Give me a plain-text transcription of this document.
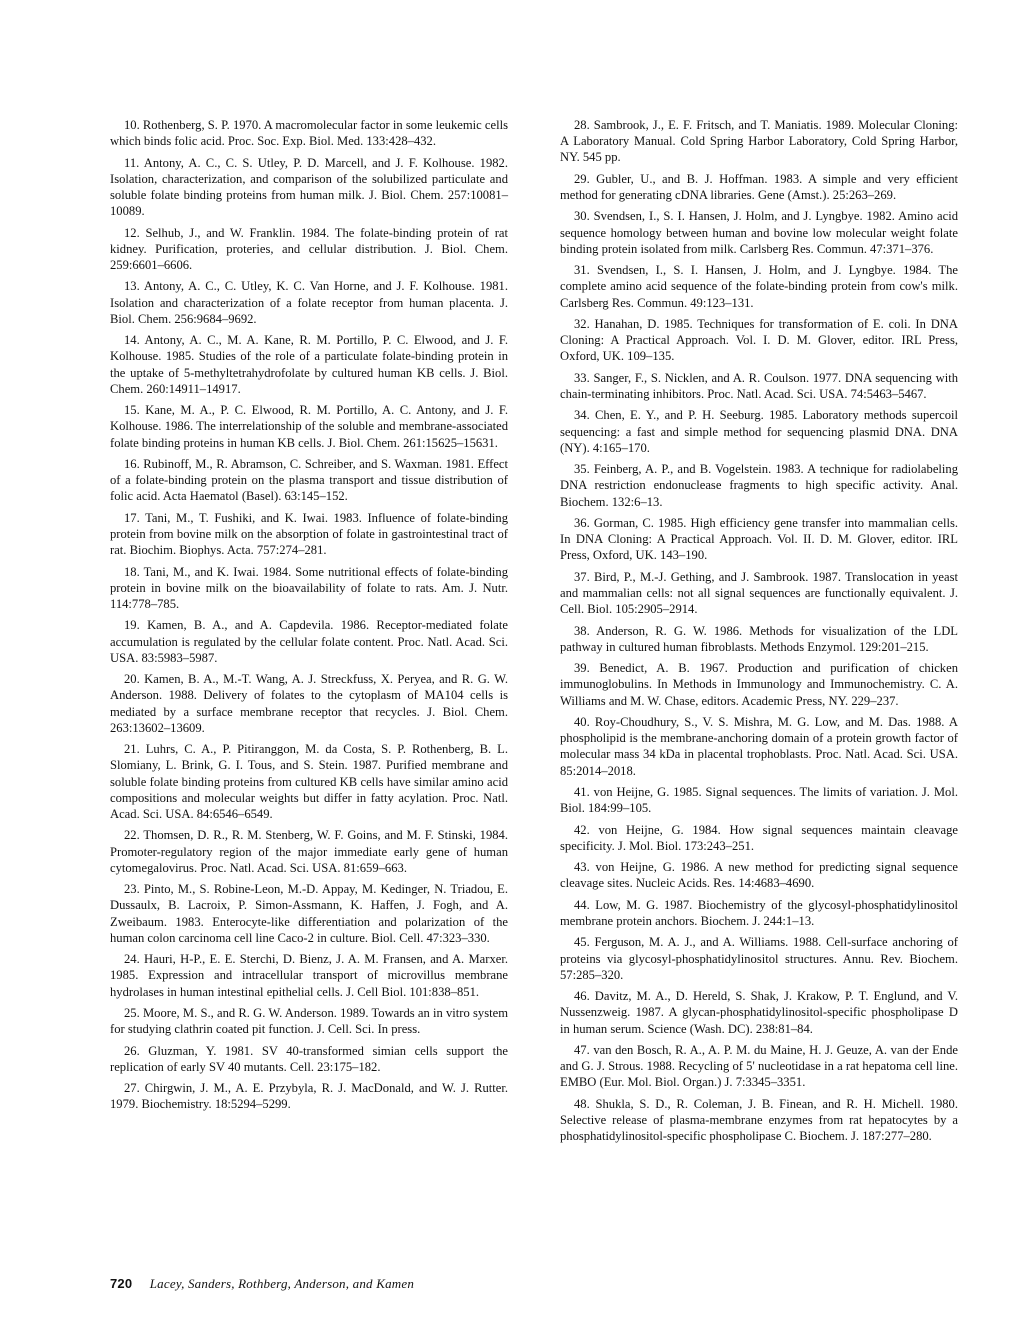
10. Rothenberg, S. P. 1970. A macromolecular factor in some leukemic cells which binds folic acid. Proc. Soc. Exp. Biol. Med. 133:428–432.

11. Antony, A. C., C. S. Utley, P. D. Marcell, and J. F. Kolhouse. 1982. Isolation, characterization, and comparison of the solubilized particulate and soluble folate binding proteins from human milk. J. Biol. Chem. 257:10081–10089.

12. Selhub, J., and W. Franklin. 1984. The folate-binding protein of rat kidney. Purification, proteries, and cellular distribution. J. Biol. Chem. 259:6601–6606.

13. Antony, A. C., C. Utley, K. C. Van Horne, and J. F. Kolhouse. 1981. Isolation and characterization of a folate receptor from human placenta. J. Biol. Chem. 256:9684–9692.

14. Antony, A. C., M. A. Kane, R. M. Portillo, P. C. Elwood, and J. F. Kolhouse. 1985. Studies of the role of a particulate folate-binding protein in the uptake of 5-methyltetrahydrofolate by cultured human KB cells. J. Biol. Chem. 260:14911–14917.

15. Kane, M. A., P. C. Elwood, R. M. Portillo, A. C. Antony, and J. F. Kolhouse. 1986. The interrelationship of the soluble and membrane-associated folate binding proteins in human KB cells. J. Biol. Chem. 261:15625–15631.

16. Rubinoff, M., R. Abramson, C. Schreiber, and S. Waxman. 1981. Effect of a folate-binding protein on the plasma transport and tissue distribution of folic acid. Acta Haematol (Basel). 63:145–152.

17. Tani, M., T. Fushiki, and K. Iwai. 1983. Influence of folate-binding protein from bovine milk on the absorption of folate in gastrointestinal tract of rat. Biochim. Biophys. Acta. 757:274–281.

18. Tani, M., and K. Iwai. 1984. Some nutritional effects of folate-binding protein in bovine milk on the bioavailability of folate to rats. Am. J. Nutr. 114:778–785.

19. Kamen, B. A., and A. Capdevila. 1986. Receptor-mediated folate accumulation is regulated by the cellular folate content. Proc. Natl. Acad. Sci. USA. 83:5983–5987.

20. Kamen, B. A., M.-T. Wang, A. J. Streckfuss, X. Peryea, and R. G. W. Anderson. 1988. Delivery of folates to the cytoplasm of MA104 cells is mediated by a surface membrane receptor that recycles. J. Biol. Chem. 263:13602–13609.

21. Luhrs, C. A., P. Pitiranggon, M. da Costa, S. P. Rothenberg, B. L. Slomiany, L. Brink, G. I. Tous, and S. Stein. 1987. Purified membrane and soluble folate binding proteins from cultured KB cells have similar amino acid compositions and molecular weights but differ in fatty acylation. Proc. Natl. Acad. Sci. USA. 84:6546–6549.

22. Thomsen, D. R., R. M. Stenberg, W. F. Goins, and M. F. Stinski, 1984. Promoter-regulatory region of the major immediate early gene of human cytomegalovirus. Proc. Natl. Acad. Sci. USA. 81:659–663.

23. Pinto, M., S. Robine-Leon, M.-D. Appay, M. Kedinger, N. Triadou, E. Dussaulx, B. Lacroix, P. Simon-Assmann, K. Haffen, J. Fogh, and A. Zweibaum. 1983. Enterocyte-like differentiation and polarization of the human colon carcinoma cell line Caco-2 in culture. Biol. Cell. 47:323–330.

24. Hauri, H-P., E. E. Sterchi, D. Bienz, J. A. M. Fransen, and A. Marxer. 1985. Expression and intracellular transport of microvillus membrane hydrolases in human intestinal epithelial cells. J. Cell Biol. 101:838–851.

25. Moore, M. S., and R. G. W. Anderson. 1989. Towards an in vitro system for studying clathrin coated pit function. J. Cell. Sci. In press.

26. Gluzman, Y. 1981. SV 40-transformed simian cells support the replication of early SV 40 mutants. Cell. 23:175–182.

27. Chirgwin, J. M., A. E. Przybyla, R. J. MacDonald, and W. J. Rutter. 1979. Biochemistry. 18:5294–5299.

28. Sambrook, J., E. F. Fritsch, and T. Maniatis. 1989. Molecular Cloning: A Laboratory Manual. Cold Spring Harbor Laboratory, Cold Spring Harbor, NY. 545 pp.

29. Gubler, U., and B. J. Hoffman. 1983. A simple and very efficient method for generating cDNA libraries. Gene (Amst.). 25:263–269.

30. Svendsen, I., S. I. Hansen, J. Holm, and J. Lyngbye. 1982. Amino acid sequence homology between human and bovine low molecular weight folate binding protein isolated from milk. Carlsberg Res. Commun. 47:371–376.

31. Svendsen, I., S. I. Hansen, J. Holm, and J. Lyngbye. 1984. The complete amino acid sequence of the folate-binding protein from cow's milk. Carlsberg Res. Commun. 49:123–131.

32. Hanahan, D. 1985. Techniques for transformation of E. coli. In DNA Cloning: A Practical Approach. Vol. I. D. M. Glover, editor. IRL Press, Oxford, UK. 109–135.

33. Sanger, F., S. Nicklen, and A. R. Coulson. 1977. DNA sequencing with chain-terminating inhibitors. Proc. Natl. Acad. Sci. USA. 74:5463–5467.

34. Chen, E. Y., and P. H. Seeburg. 1985. Laboratory methods supercoil sequencing: a fast and simple method for sequencing plasmid DNA. DNA (NY). 4:165–170.

35. Feinberg, A. P., and B. Vogelstein. 1983. A technique for radiolabeling DNA restriction endonuclease fragments to high specific activity. Anal. Biochem. 132:6–13.

36. Gorman, C. 1985. High efficiency gene transfer into mammalian cells. In DNA Cloning: A Practical Approach. Vol. II. D. M. Glover, editor. IRL Press, Oxford, UK. 143–190.

37. Bird, P., M.-J. Gething, and J. Sambrook. 1987. Translocation in yeast and mammalian cells: not all signal sequences are functionally equivalent. J. Cell. Biol. 105:2905–2914.

38. Anderson, R. G. W. 1986. Methods for visualization of the LDL pathway in cultured human fibroblasts. Methods Enzymol. 129:201–215.

39. Benedict, A. B. 1967. Production and purification of chicken immunoglobulins. In Methods in Immunology and Immunochemistry. C. A. Williams and M. W. Chase, editors. Academic Press, NY. 229–237.

40. Roy-Choudhury, S., V. S. Mishra, M. G. Low, and M. Das. 1988. A phospholipid is the membrane-anchoring domain of a protein growth factor of molecular mass 34 kDa in placental trophoblasts. Proc. Natl. Acad. Sci. USA. 85:2014–2018.

41. von Heijne, G. 1985. Signal sequences. The limits of variation. J. Mol. Biol. 184:99–105.

42. von Heijne, G. 1984. How signal sequences maintain cleavage specificity. J. Mol. Biol. 173:243–251.

43. von Heijne, G. 1986. A new method for predicting signal sequence cleavage sites. Nucleic Acids. Res. 14:4683–4690.

44. Low, M. G. 1987. Biochemistry of the glycosyl-phosphatidylinositol membrane protein anchors. Biochem. J. 244:1–13.

45. Ferguson, M. A. J., and A. Williams. 1988. Cell-surface anchoring of proteins via glycosyl-phosphatidylinositol structures. Annu. Rev. Biochem. 57:285–320.

46. Davitz, M. A., D. Hereld, S. Shak, J. Krakow, P. T. Englund, and V. Nussenzweig. 1987. A glycan-phosphatidylinositol-specific phospholipase D in human serum. Science (Wash. DC). 238:81–84.

47. van den Bosch, R. A., A. P. M. du Maine, H. J. Geuze, A. van der Ende and G. J. Strous. 1988. Recycling of 5' nucleotidase in a rat hepatoma cell line. EMBO (Eur. Mol. Biol. Organ.) J. 7:3345–3351.

48. Shukla, S. D., R. Coleman, J. B. Finean, and R. H. Michell. 1980. Selective release of plasma-membrane enzymes from rat hepatocytes by a phosphatidylinositol-specific phospholipase C. Biochem. J. 187:277–280.

720 Lacey, Sanders, Rothberg, Anderson, and Kamen
